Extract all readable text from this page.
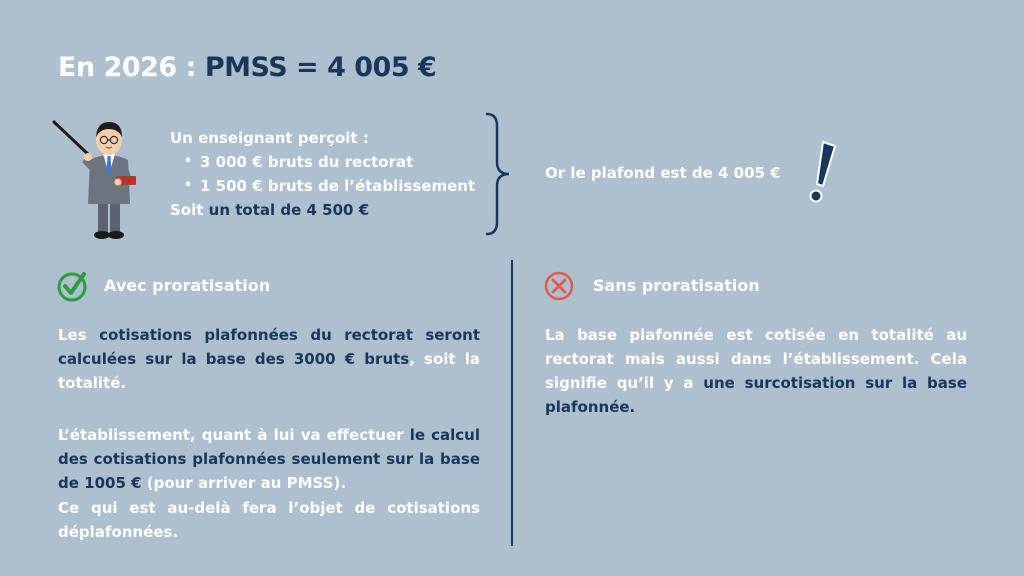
En 2026 : PMSS = 4 005 €
Un enseignant perçoit :
• 3 000 € bruts du rectorat
• 1 500 € bruts de l’établissement
Soit un total de 4 500 €
Or le plafond est de 4 005 €
Avec proratisation	Sans proratisation

Les cotisations plafonnées du rectorat seront calculées sur la base des 3000 € bruts, soit la totalité.

L’établissement, quant à lui va effectuer le calcul des cotisations plafonnées seulement sur la base de 1005 € (pour arriver au PMSS).

Ce qui est au-delà fera l’objet de cotisations déplafonnées.

La base plafonnée est cotisée en totalité au rectorat mais aussi dans l’établissement. Cela signifie qu’il y a une surcotisation sur la base plafonnée.
